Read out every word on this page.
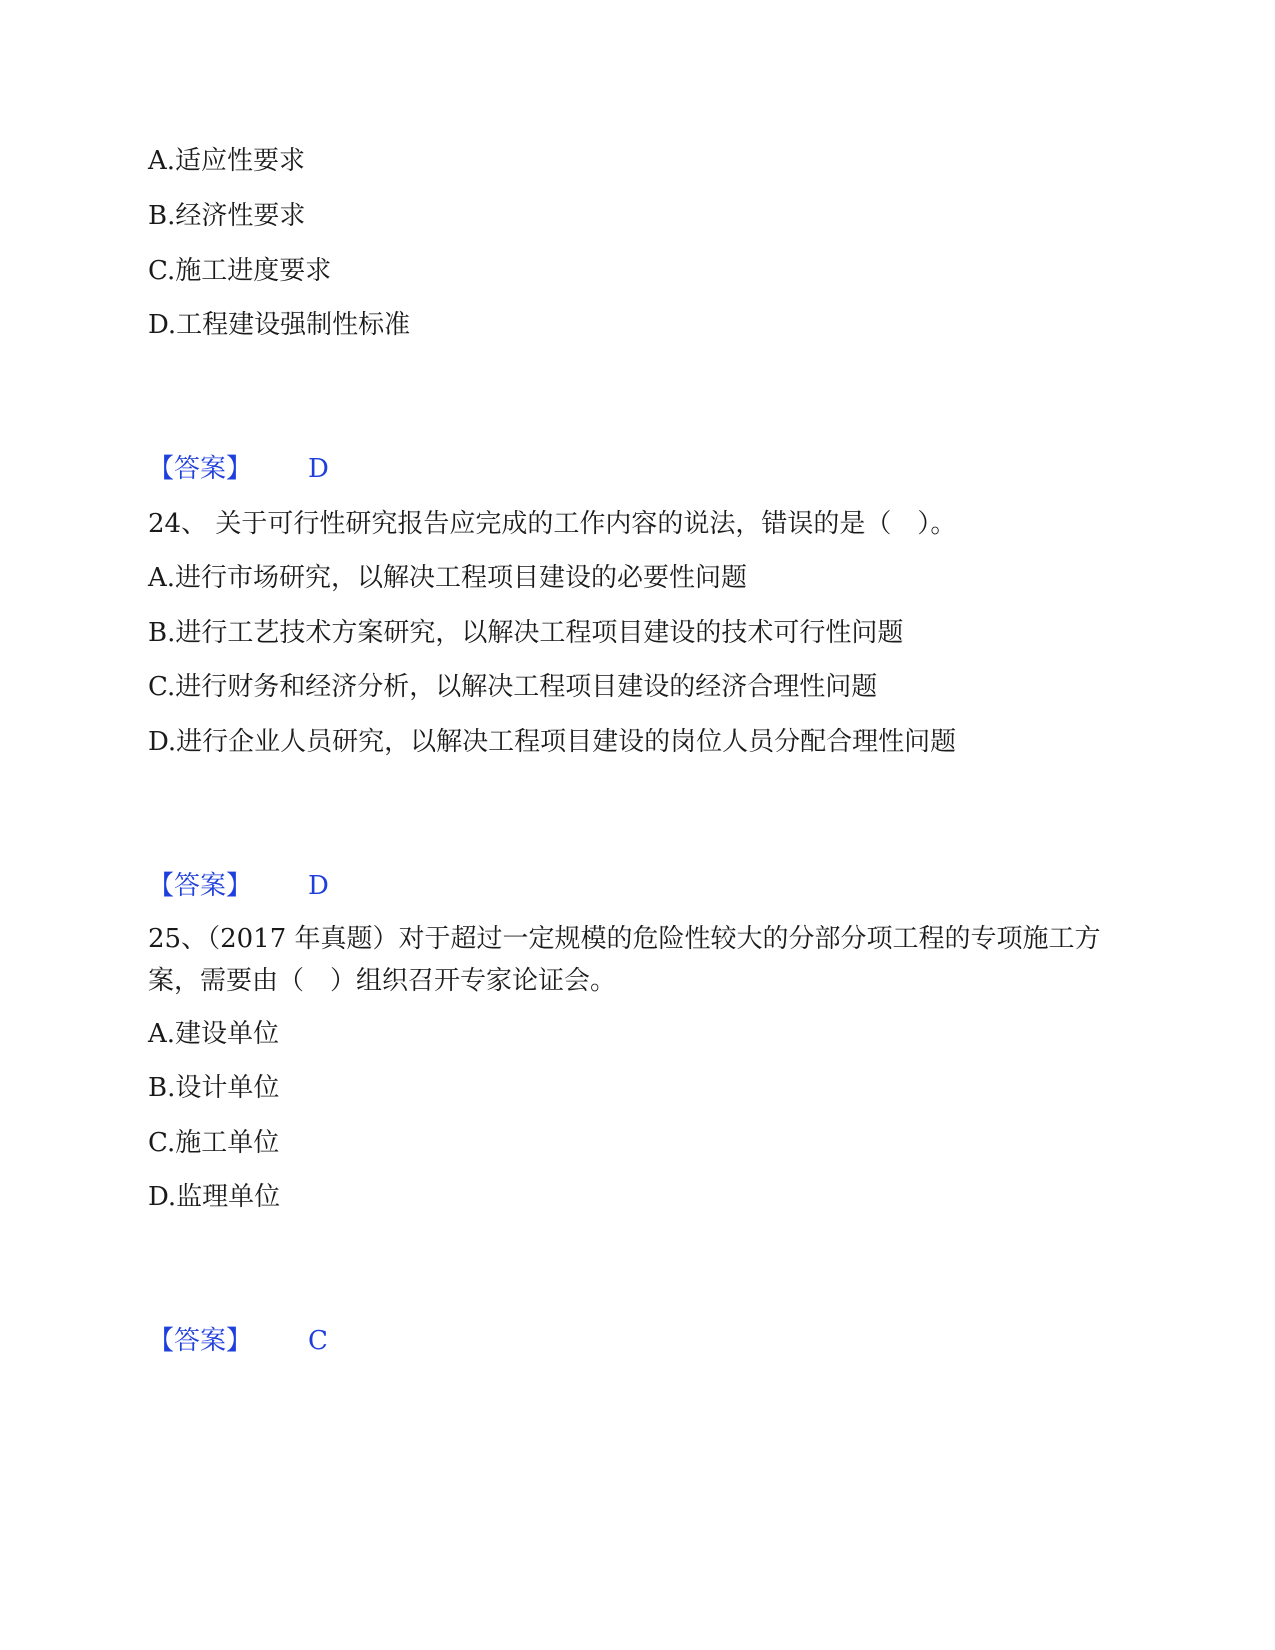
A.适应性要求
B.经济性要求
C.施工进度要求
D.工程建设强制性标准
【答案】 D
24、 关于可行性研究报告应完成的工作内容的说法，错误的是（　）。
A.进行市场研究，以解决工程项目建设的必要性问题
B.进行工艺技术方案研究，以解决工程项目建设的技术可行性问题
C.进行财务和经济分析，以解决工程项目建设的经济合理性问题
D.进行企业人员研究，以解决工程项目建设的岗位人员分配合理性问题
【答案】 D
25、（2017 年真题）对于超过一定规模的危险性较大的分部分项工程的专项施工方案，需要由（　）组织召开专家论证会。
A.建设单位
B.设计单位
C.施工单位
D.监理单位
【答案】 C
